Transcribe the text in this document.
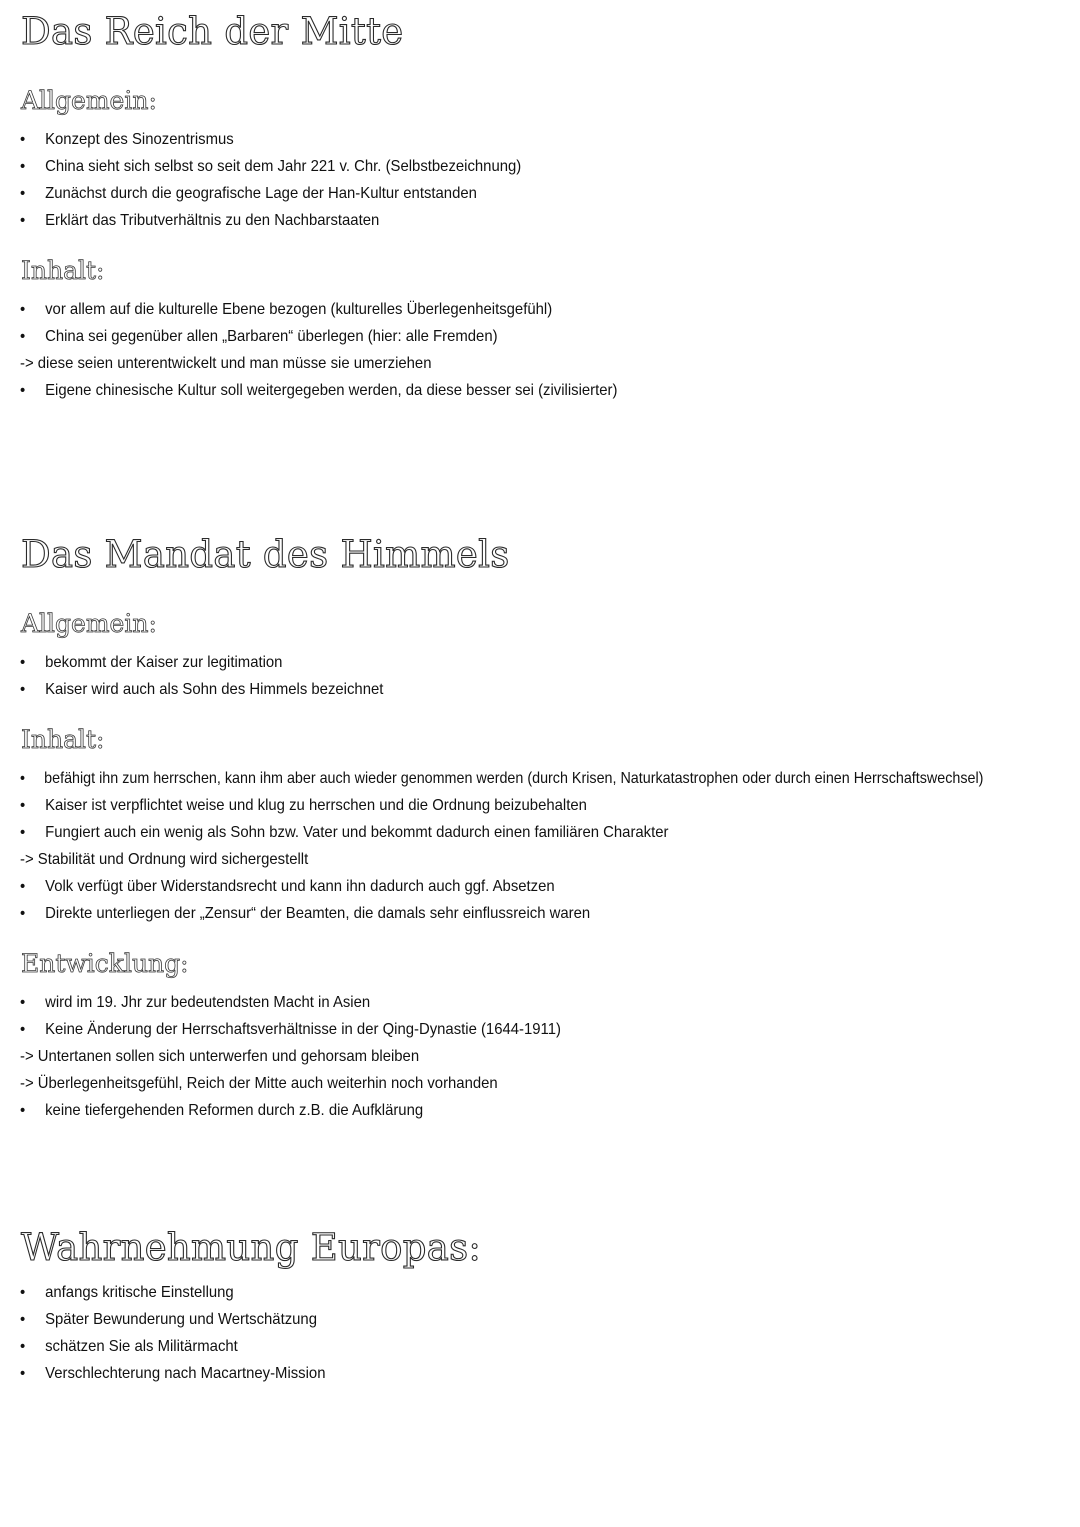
Das Reich der Mitte
Allgemein:
• Konzept des Sinozentrismus
• China sieht sich selbst so seit dem Jahr 221 v. Chr. (Selbstbezeichnung)
• Zunächst durch die geografische Lage der Han-Kultur entstanden
• Erklärt das Tributverhältnis zu den Nachbarstaaten
Inhalt:
• vor allem auf die kulturelle Ebene bezogen (kulturelles Überlegenheitsgefühl)
• China sei gegenüber allen „Barbaren“ überlegen (hier: alle Fremden)
-> diese seien unterentwickelt und man müsse sie umerziehen
• Eigene chinesische Kultur soll weitergegeben werden, da diese besser sei (zivilisierter)
Das Mandat des Himmels
Allgemein:
• bekommt der Kaiser zur legitimation
• Kaiser wird auch als Sohn des Himmels bezeichnet
Inhalt:
• befähigt ihn zum herrschen, kann ihm aber auch wieder genommen werden (durch Krisen, Naturkatastrophen oder durch einen Herrschaftswechsel)
• Kaiser ist verpflichtet weise und klug zu herrschen und die Ordnung beizubehalten
• Fungiert auch ein wenig als Sohn bzw. Vater und bekommt dadurch einen familiären Charakter
-> Stabilität und Ordnung wird sichergestellt
• Volk verfügt über Widerstandsrecht und kann ihn dadurch auch ggf. Absetzen
• Direkte unterliegen der „Zensur“ der Beamten, die damals sehr einflussreich waren
Entwicklung:
• wird im 19. Jhr zur bedeutendsten Macht in Asien
• Keine Änderung der Herrschaftsverhältnisse in der Qing-Dynastie (1644-1911)
-> Untertanen sollen sich unterwerfen und gehorsam bleiben
-> Überlegenheitsgefühl, Reich der Mitte auch weiterhin noch vorhanden
• keine tiefergehenden Reformen durch z.B. die Aufklärung
Wahrnehmung Europas:
• anfangs kritische Einstellung
• Später Bewunderung und Wertschätzung
• schätzen Sie als Militärmacht
• Verschlechterung nach Macartney-Mission
